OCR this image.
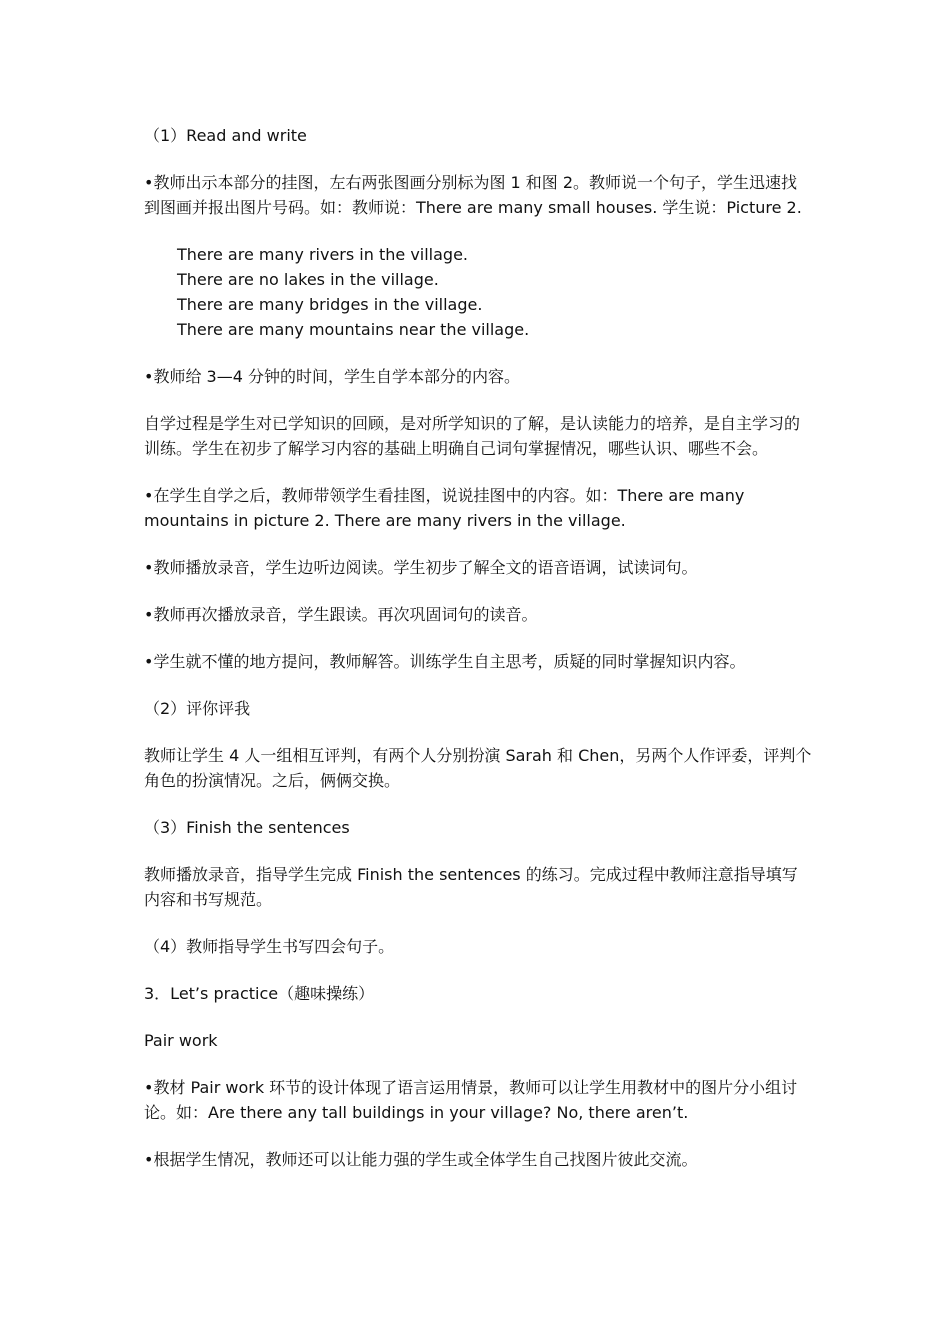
（1）Read and write

•教师出示本部分的挂图，左右两张图画分别标为图 1 和图 2。教师说一个句子，学生迅速找到图画并报出图片号码。如：教师说：There are many small houses. 学生说：Picture 2.

There are many rivers in the village.
There are no lakes in the village.
There are many bridges in the village.
There are many mountains near the village.

•教师给 3—4 分钟的时间，学生自学本部分的内容。

自学过程是学生对已学知识的回顾，是对所学知识的了解，是认读能力的培养，是自主学习的训练。学生在初步了解学习内容的基础上明确自己词句掌握情况，哪些认识、哪些不会。

•在学生自学之后，教师带领学生看挂图，说说挂图中的内容。如：There are many mountains in picture 2. There are many rivers in the village.

•教师播放录音，学生边听边阅读。学生初步了解全文的语音语调，试读词句。

•教师再次播放录音，学生跟读。再次巩固词句的读音。

•学生就不懂的地方提问，教师解答。训练学生自主思考，质疑的同时掌握知识内容。

（2）评你评我

教师让学生 4 人一组相互评判，有两个人分别扮演 Sarah 和 Chen，另两个人作评委，评判个角色的扮演情况。之后，俩俩交换。

（3）Finish the sentences

教师播放录音，指导学生完成 Finish the sentences 的练习。完成过程中教师注意指导填写内容和书写规范。

（4）教师指导学生书写四会句子。

3．Let’s practice（趣味操练）

Pair work

•教材 Pair work 环节的设计体现了语言运用情景，教师可以让学生用教材中的图片分小组讨论。如：Are there any tall buildings in your village? No, there aren’t.

•根据学生情况，教师还可以让能力强的学生或全体学生自己找图片彼此交流。
